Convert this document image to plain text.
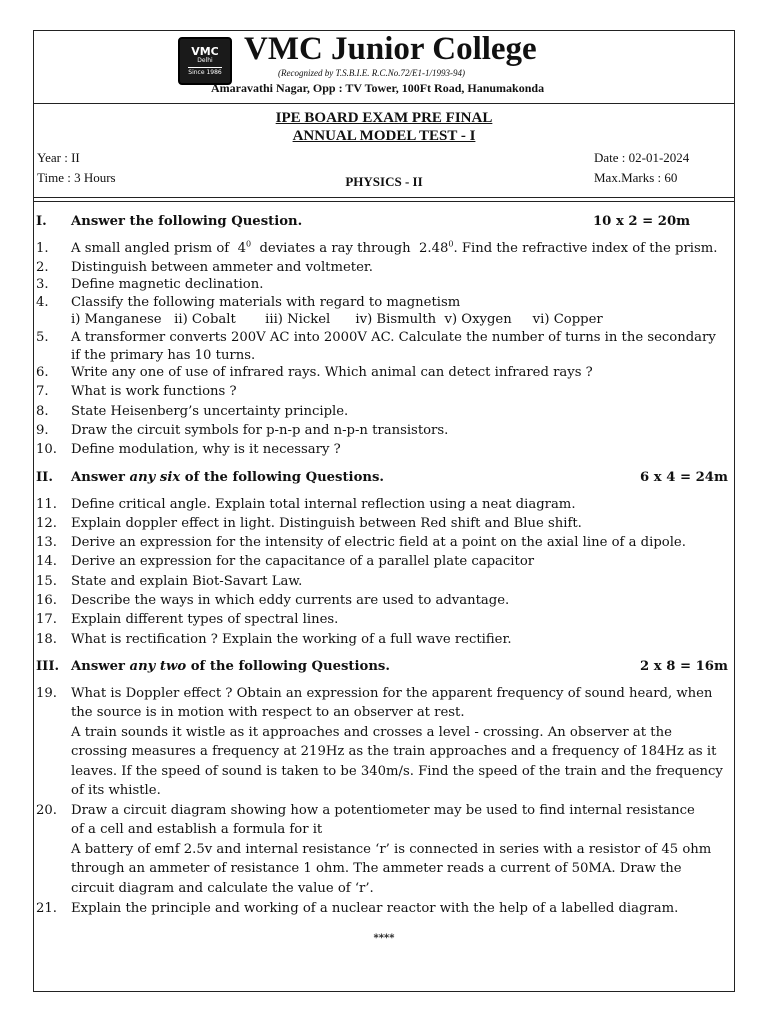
VMC
Delhi
Since 1986
VMC Junior College
(Recognized by T.S.B.I.E. R.C.No.72/E1-1/1993-94)
Amaravathi Nagar, Opp : TV Tower, 100Ft Road, Hanumakonda
IPE BOARD EXAM PRE FINAL
ANNUAL MODEL TEST - I
Year : II	Date : 02-01-2024
Time : 3 Hours	PHYSICS - II	Max.Marks : 60
I. Answer the following Question.	10 x 2 = 20m
1. A small angled prism of $4^0$ deviates a ray through 2.48$^0$. Find the refractive index of the prism.
2. Distinguish between ammeter and voltmeter.
3. Define magnetic declination.
4. Classify the following materials with regard to magnetism
i) Manganese   ii) Cobalt       iii) Nickel      iv) Bismulth  v) Oxygen     vi) Copper
5. A transformer converts 200V AC into 2000V AC. Calculate the number of turns in the secondary
if the primary has 10 turns.
6. Write any one of use of infrared rays. Which animal can detect infrared rays ?
7. What is work functions ?
8. State Heisenberg’s uncertainty principle.
9. Draw the circuit symbols for p-n-p and n-p-n transistors.
10. Define modulation, why is it necessary ?
II. Answer any six of the following Questions.	6 x 4 = 24m
11. Define critical angle. Explain total internal reflection using a neat diagram.
12. Explain doppler effect in light. Distinguish between Red shift and Blue shift.
13. Derive an expression for the intensity of electric field at a point on the axial line of a dipole.
14. Derive an expression for the capacitance of a parallel plate capacitor
15. State and explain Biot-Savart Law.
16. Describe the ways in which eddy currents are used to advantage.
17. Explain different types of spectral lines.
18. What is rectification ? Explain the working of a full wave rectifier.
III. Answer any two of the following Questions.	2 x 8 = 16m
19. What is Doppler effect ? Obtain an expression for the apparent frequency of sound heard, when
the source is in motion with respect to an observer at rest.
A train sounds it wistle as it approaches and crosses a level - crossing. An observer at the
crossing measures a frequency at 219Hz as the train approaches and a frequency of 184Hz as it
leaves. If the speed of sound is taken to be 340m/s. Find the speed of the train and the frequency
of its whistle.
20. Draw a circuit diagram showing how a potentiometer may be used to find internal resistance
of a cell and establish a formula for it
A battery of emf 2.5v and internal resistance ‘r’ is connected in series with a resistor of 45 ohm
through an ammeter of resistance 1 ohm. The ammeter reads a current of 50MA. Draw the
circuit diagram and calculate the value of ‘r’.
21. Explain the principle and working of a nuclear reactor with the help of a labelled diagram.
****
